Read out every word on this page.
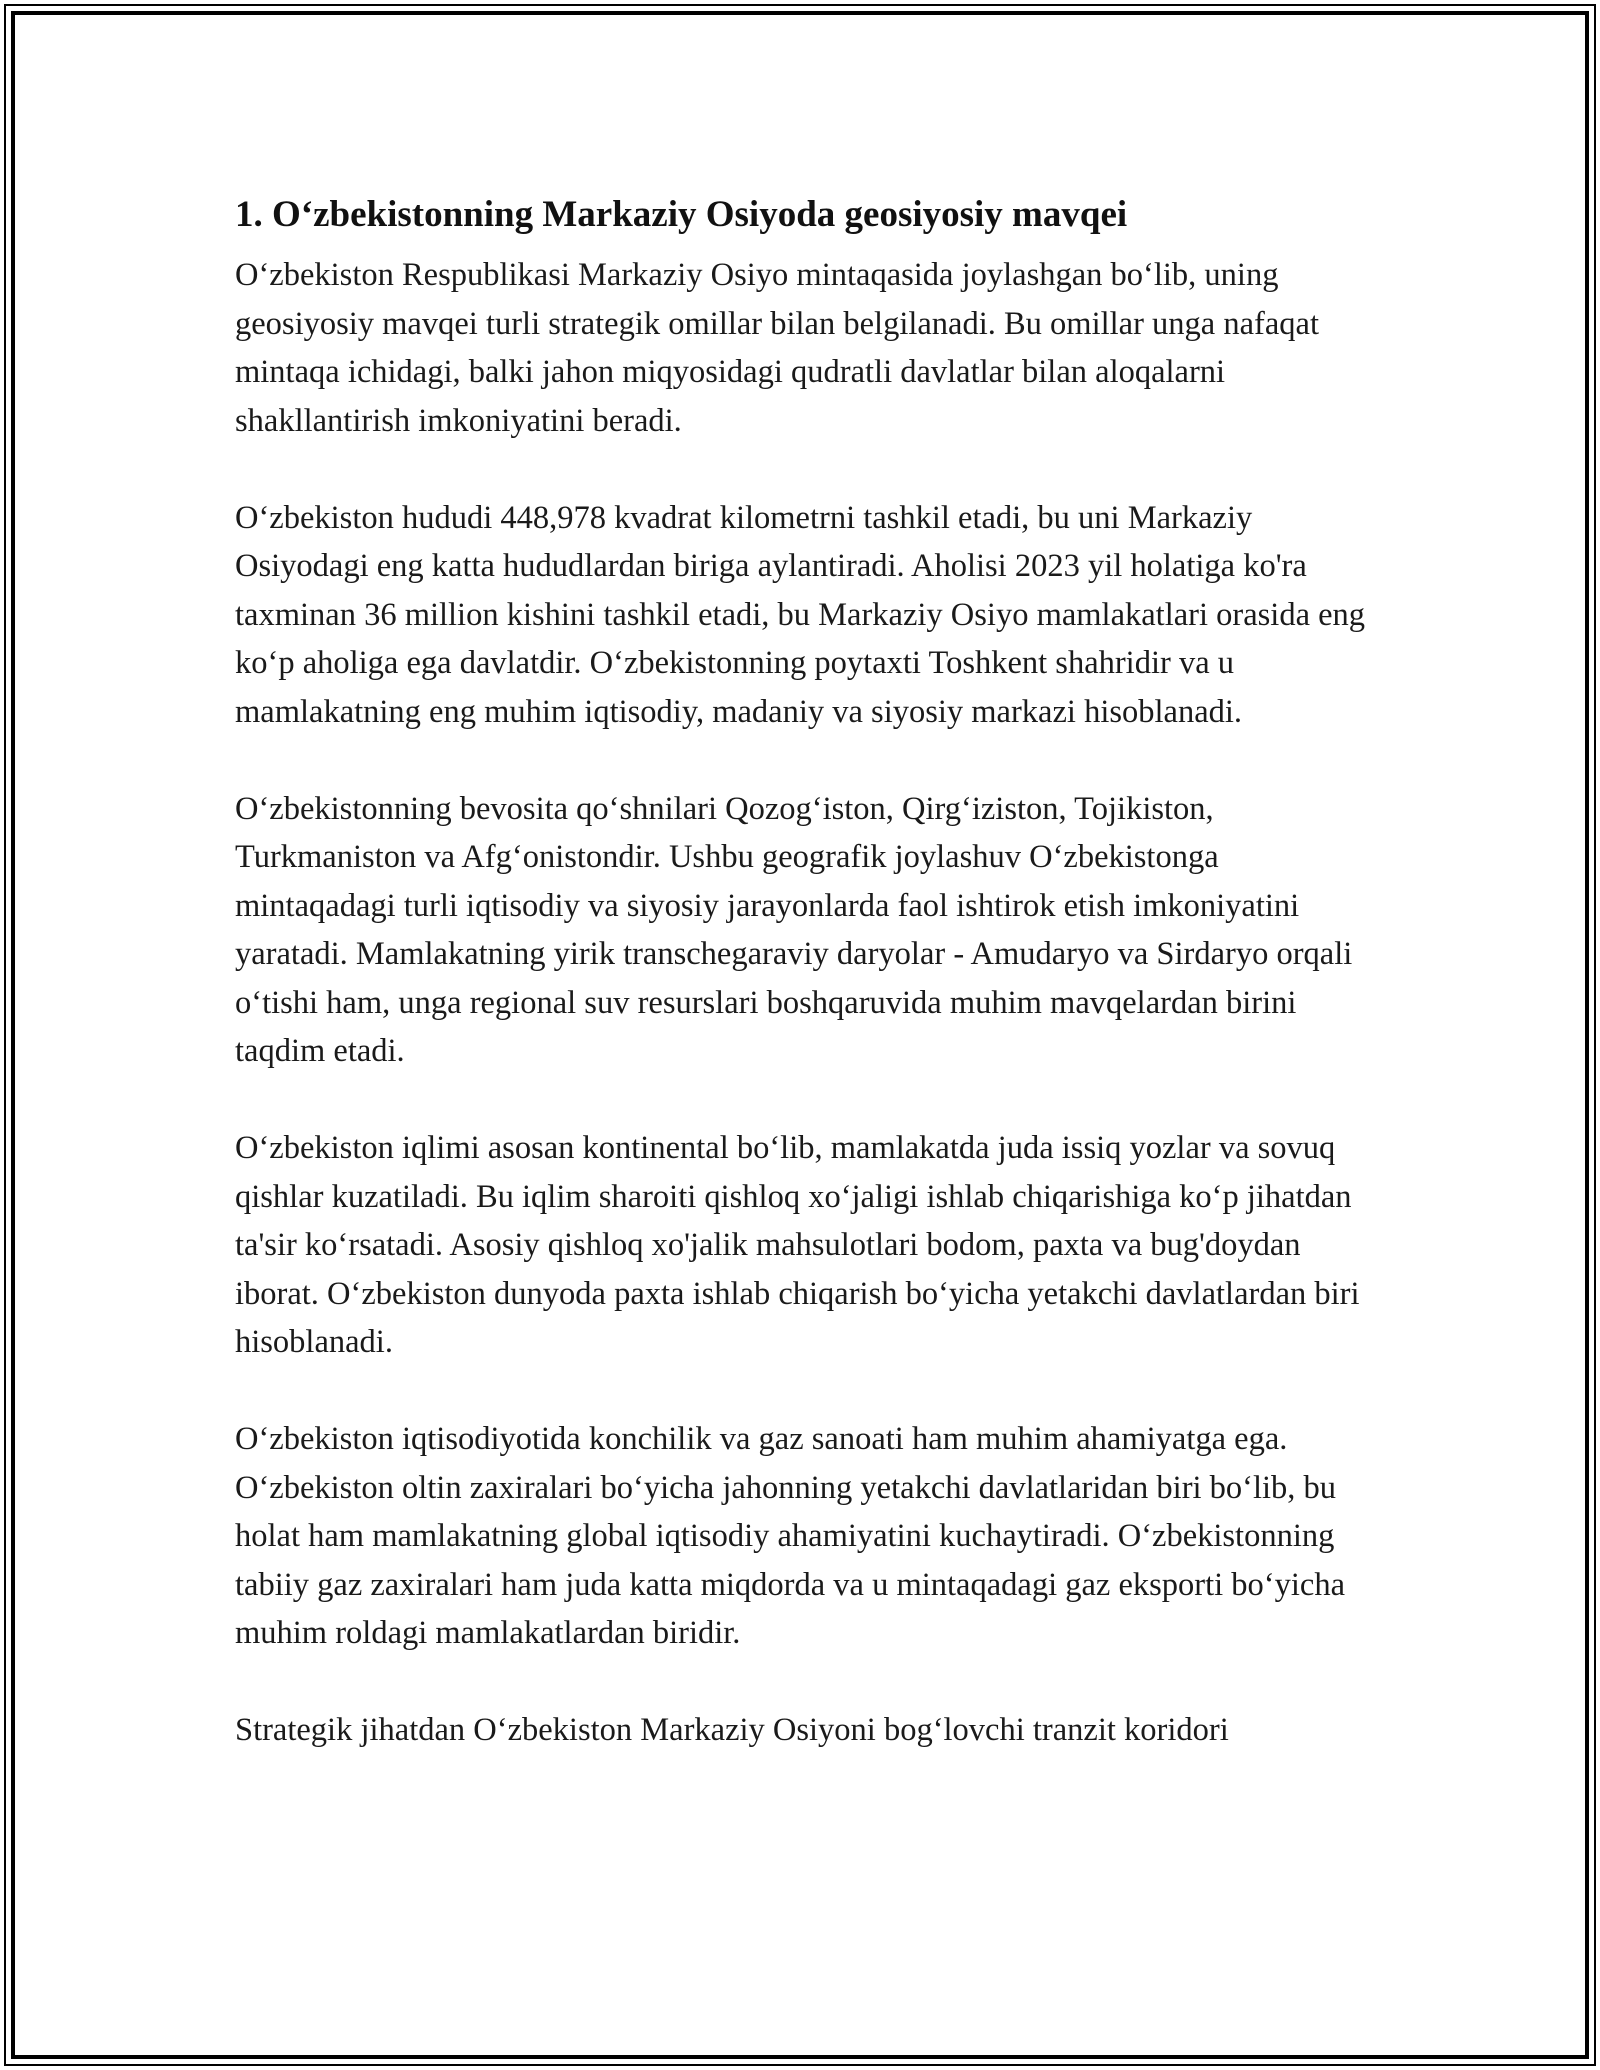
1. O‘zbekistonning Markaziy Osiyoda geosiyosiy mavqei

O‘zbekiston Respublikasi Markaziy Osiyo mintaqasida joylashgan bo‘lib, uning geosiyosiy mavqei turli strategik omillar bilan belgilanadi. Bu omillar unga nafaqat mintaqa ichidagi, balki jahon miqyosidagi qudratli davlatlar bilan aloqalarni shakllantirish imkoniyatini beradi.

O‘zbekiston hududi 448,978 kvadrat kilometrni tashkil etadi, bu uni Markaziy Osiyodagi eng katta hududlardan biriga aylantiradi. Aholisi 2023 yil holatiga ko'ra taxminan 36 million kishini tashkil etadi, bu Markaziy Osiyo mamlakatlari orasida eng ko‘p aholiga ega davlatdir. O‘zbekistonning poytaxti Toshkent shahridir va u mamlakatning eng muhim iqtisodiy, madaniy va siyosiy markazi hisoblanadi.

O‘zbekistonning bevosita qo‘shnilari Qozog‘iston, Qirg‘iziston, Tojikiston, Turkmaniston va Afg‘onistondir. Ushbu geografik joylashuv O‘zbekistonga mintaqadagi turli iqtisodiy va siyosiy jarayonlarda faol ishtirok etish imkoniyatini yaratadi. Mamlakatning yirik transchegaraviy daryolar - Amudaryo va Sirdaryo orqali o‘tishi ham, unga regional suv resurslari boshqaruvida muhim mavqelardan birini taqdim etadi.

O‘zbekiston iqlimi asosan kontinental bo‘lib, mamlakatda juda issiq yozlar va sovuq qishlar kuzatiladi. Bu iqlim sharoiti qishloq xo‘jaligi ishlab chiqarishiga ko‘p jihatdan ta'sir ko‘rsatadi. Asosiy qishloq xo'jalik mahsulotlari bodom, paxta va bug'doydan iborat. O‘zbekiston dunyoda paxta ishlab chiqarish bo‘yicha yetakchi davlatlardan biri hisoblanadi.

O‘zbekiston iqtisodiyotida konchilik va gaz sanoati ham muhim ahamiyatga ega. O‘zbekiston oltin zaxiralari bo‘yicha jahonning yetakchi davlatlaridan biri bo‘lib, bu holat ham mamlakatning global iqtisodiy ahamiyatini kuchaytiradi. O‘zbekistonning tabiiy gaz zaxiralari ham juda katta miqdorda va u mintaqadagi gaz eksporti bo‘yicha muhim roldagi mamlakatlardan biridir.

Strategik jihatdan O‘zbekiston Markaziy Osiyoni bog‘lovchi tranzit koridori
